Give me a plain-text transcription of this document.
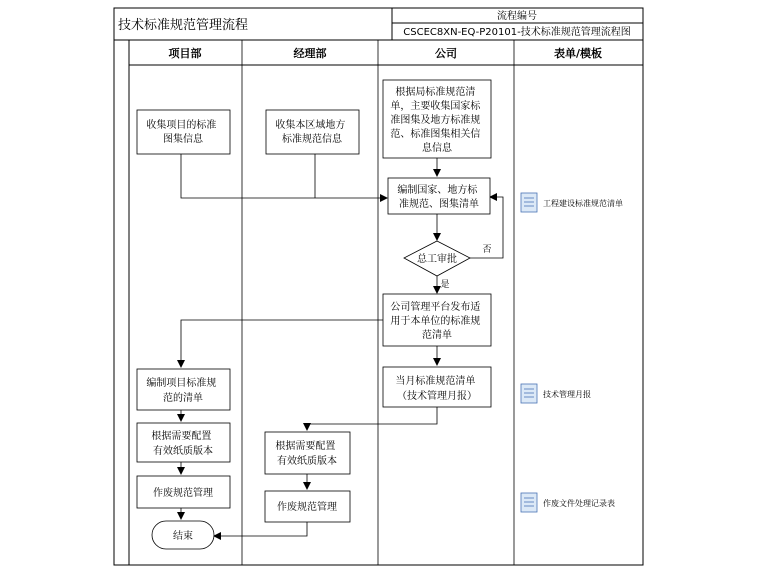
技术标准规范管理流程
流程编号
CSCEC8XN-EQ-P20101-技术标准规范管理流程图
项目部	经理部	公司	表单/模板
收集项目的标准 图集信息
编制项目标准规 范的清单
根据需要配置 有效纸质版本
作废规范管理
结束
收集本区域地方 标准规范信息
根据需要配置 有效纸质版本
作废规范管理
根据局标准规范清 单，主要收集国家标 准图集及地方标准规 范、标准图集相关信 息信息
编制国家、地方标 准规范、图集清单
总工审批
否
是
公司管理平台发布适 用于本单位的标准规 范清单
当月标准规范清单 （技术管理月报）
工程建设标准规范清单
技术管理月报
作废文件处理记录表
